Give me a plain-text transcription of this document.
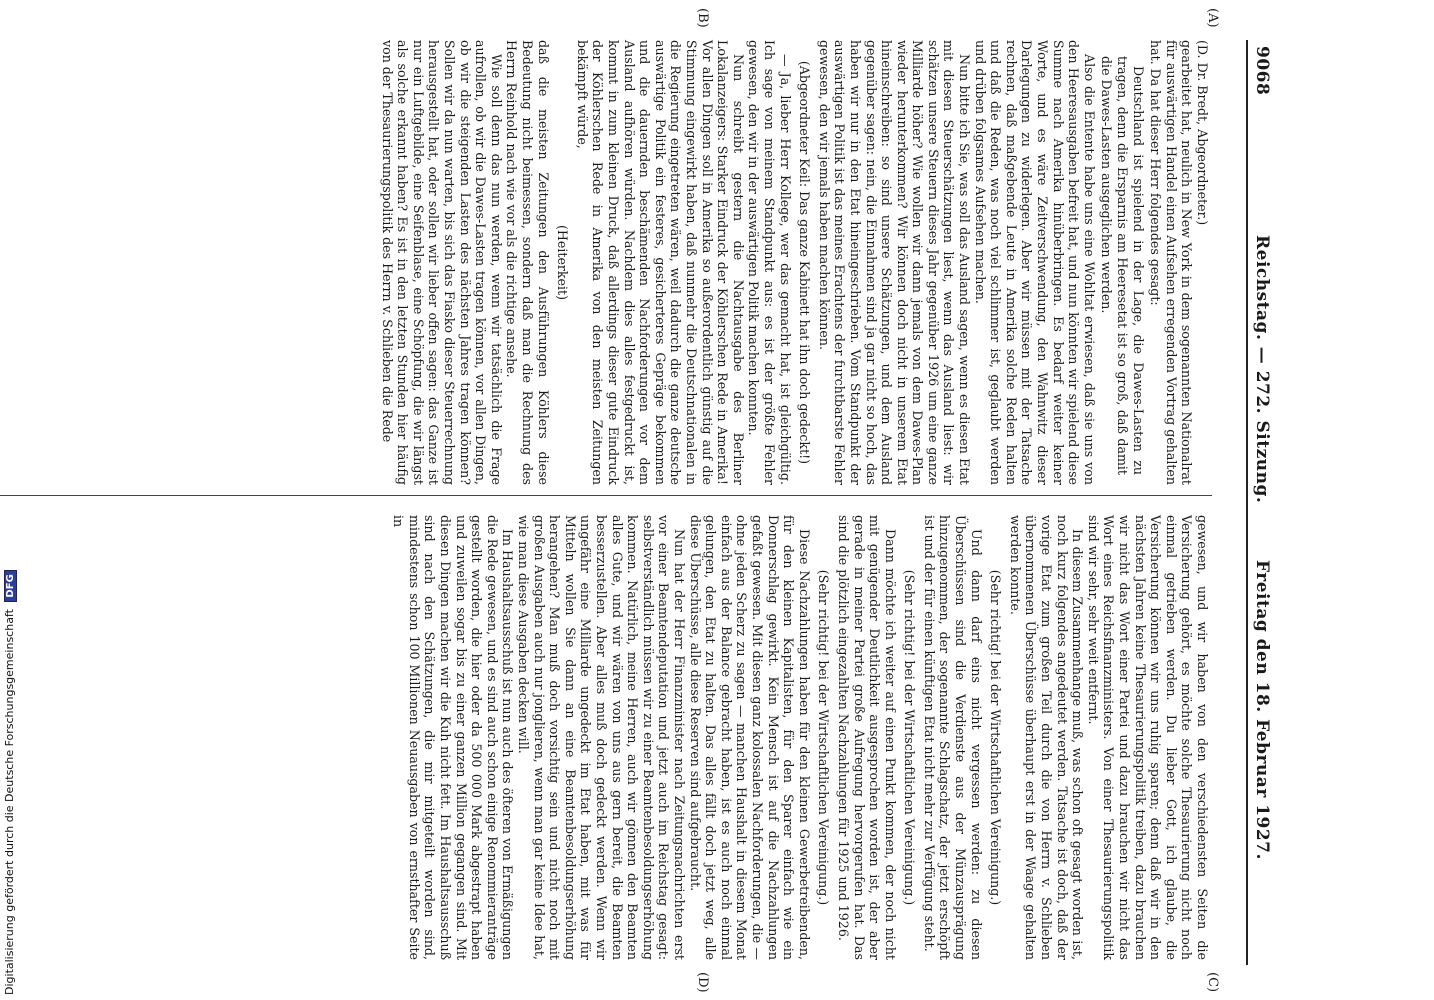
Digitalisierung gefördert durch die Deutsche Forschungsgemeinschaft DFG
9068
Reichstag. — 272. Sitzung.
Freitag den 18. Februar 1927.
(A)
(B)
(C)
(D)

(D. Dr. Bredt, Abgeordneter.)

gearbeitet hat, neulich in New York in dem sogenannten Nationalrat für auswärtigen Handel einen Aufsehen erregenden Vortrag gehalten hat. Da hat dieser Herr folgendes gesagt:

Deutschland ist spielend in der Lage, die Dawes-Lasten zu tragen, denn die Ersparnis am Heeresetat ist so groß, daß damit die Dawes-Lasten ausgeglichen werden.

Also die Entente habe uns eine Wohltat erwiesen, daß sie uns von den Heeresausgaben befreit hat, und nun könnten wir spielend diese Summe nach Amerika hinüberbringen. Es bedarf weiter keiner Worte, und es wäre Zeitverschwendung, den Wahnwitz dieser Darlegungen zu widerlegen. Aber wir müssen mit der Tatsache rechnen, daß maßgebende Leute in Amerika solche Reden halten und daß die Reden, was noch viel schlimmer ist, geglaubt werden und drüben folgsames Aufsehen machen.

Nun bitte ich Sie, was soll das Ausland sagen, wenn es diesen Etat mit diesen Steuerschätzungen liest, wenn das Ausland liest: wir schätzen unsere Steuern dieses Jahr gegenüber 1926 um eine ganze Milliarde höher? Wie wollen wir dann jemals von dem Dawes-Plan wieder herunterkommen? Wir können doch nicht in unserem Etat hineinschreiben: so sind unsere Schätzungen, und dem Ausland gegenüber sagen: nein, die Einnahmen sind ja gar nicht so hoch, das haben wir nur in den Etat hineingeschrieben. Vom Standpunkt der auswärtigen Politik ist das meines Erachtens der furchtbarste Fehler gewesen, den wir jemals haben machen können.

(Abgeordneter Keil: Das ganze Kabinett hat ihn doch gedeckt!)

— Ja, lieber Herr Kollege, wer das gemacht hat, ist gleichgültig. Ich sage von meinem Standpunkt aus: es ist der größte Fehler gewesen, den wir in der auswärtigen Politik machen konnten.

Nun schreibt gestern die Nachtausgabe des Berliner Lokalanzeigers: Starker Eindruck der Köhlerschen Rede in Amerika! Vor allen Dingen soll in Amerika so außerordentlich günstig auf die Stimmung eingewirkt haben, daß nunmehr die Deutschnationalen in die Regierung eingetreten wären, weil dadurch die ganze deutsche auswärtige Politik ein festeres, gesicherteres Gepräge bekommen und die dauernden beschämenden Nachforderungen vor dem Ausland aufhören würden. Nachdem dies alles festgedruckt ist, kommt in zum kleinen Druck, daß allerdings dieser gute Eindruck der Köhlerschen Rede in Amerika von den meisten Zeitungen bekämpft würde,

(Heiterkeit)

daß die meisten Zeitungen den Ausführungen Köhlers diese Bedeutung nicht beimessen, sondern daß man die Rechnung des Herrn Reinhold nach wie vor als die richtige ansehe.

Wie soll denn das nun werden, wenn wir tatsächlich die Frage aufrollen, ob wir die Dawes-Lasten tragen können, vor allen Dingen, ob wir die steigenden Lasten des nächsten Jahres tragen können? Sollen wir da nun warten, bis sich das Fiasko dieser Steuerrechnung herausgestellt hat, oder sollen wir lieber offen sagen: das Ganze ist nur ein Luftgebilde, eine Seifenblase, eine Schöpfung, die wir längst als solche erkannt haben? Es ist in den letzten Stunden hier häufig von der Thesaurierungspolitik des Herrn v. Schlieben die Rede

gewesen, und wir haben von den verschiedensten Seiten die Versicherung gehört, es möchte solche Thesaurierung nicht noch einmal getrieben werden. Du lieber Gott, ich glaube, die Versicherung können wir uns ruhig sparen; denn daß wir in den nächsten Jahren keine Thesaurierungspolitik treiben, dazu brauchen wir nicht das Wort einer Partei und dazu brauchen wir nicht das Wort eines Reichsfinanzministers. Von einer Thesaurierungspolitik sind wir sehr, sehr weit entfernt.

In diesem Zusammenhange muß, was schon oft gesagt worden ist, noch kurz folgendes angedeutet werden. Tatsache ist doch, daß der vorige Etat zum großen Teil durch die von Herrn v. Schlieben übernommenen Überschüsse überhaupt erst in der Waage gehalten werden konnte.

(Sehr richtig! bei der Wirtschaftlichen Vereinigung.)

Und dann darf eins nicht vergessen werden: zu diesen Überschüssen sind die Verdienste aus der Münzausprägung hinzugenommen, der sogenannte Schlagschatz, der jetzt erschöpft ist und der für einen künftigen Etat nicht mehr zur Verfügung steht.

(Sehr richtig! bei der Wirtschaftlichen Vereinigung.)

Dann möchte ich weiter auf einen Punkt kommen, der noch nicht mit genügender Deutlichkeit ausgesprochen worden ist, der aber gerade in meiner Partei große Aufregung hervorgerufen hat. Das sind die plötzlich eingezahlten Nachzahlungen für 1925 und 1926.

(Sehr richtig! bei der Wirtschaftlichen Vereinigung.)

Diese Nachzahlungen haben für den kleinen Gewerbetreibenden, für den kleinen Kapitalisten, für den Sparer einfach wie ein Donnerschlag gewirkt. Kein Mensch ist auf die Nachzahlungen gefaßt gewesen. Mit diesen ganz kolossalen Nachforderungen, die — ohne jeden Scherz zu sagen — manchen Haushalt in diesem Monat einfach aus der Balance gebracht haben, ist es auch noch einmal gelungen, den Etat zu halten. Das alles fällt doch jetzt weg, alle diese Überschüsse, alle diese Reserven sind aufgebraucht.

Nun hat der Herr Finanzminister nach Zeitungsnachrichten erst vor einer Beamtendeputation und jetzt auch im Reichstag gesagt: selbstverständlich müssen wir zu einer Beamtenbesoldungserhöhung kommen. Natürlich, meine Herren, auch wir gönnen den Beamten alles Gute, und wir wären von uns aus gern bereit, die Beamten besserzustellen. Aber alles muß doch gedeckt werden. Wenn wir ungefähr eine Milliarde ungedeckt im Etat haben, mit was für Mitteln wollen Sie dann an eine Beamtenbesoldungserhöhung herangehen? Man muß doch vorsichtig sein und nicht noch mit großen Ausgaben auch nur jonglieren, wenn man gar keine Idee hat, wie man diese Ausgaben decken will.

Im Haushaltsausschuß ist nun auch des öfteren von Ermäßigungen die Rede gewesen, und es sind auch schon einige Renommieranträge gestellt worden, die hier oder da 500 000 Mark abgestrapt haben und zuweilen sogar bis zu einer ganzen Million gegangen sind. Mit diesen Dingen machen wir die Kuh nicht fett. Im Haushaltsausschuß sind nach den Schätzungen, die mir mitgeteilt worden sind, mindestens schon 100 Millionen Neuausgaben von ernsthafter Seite in
